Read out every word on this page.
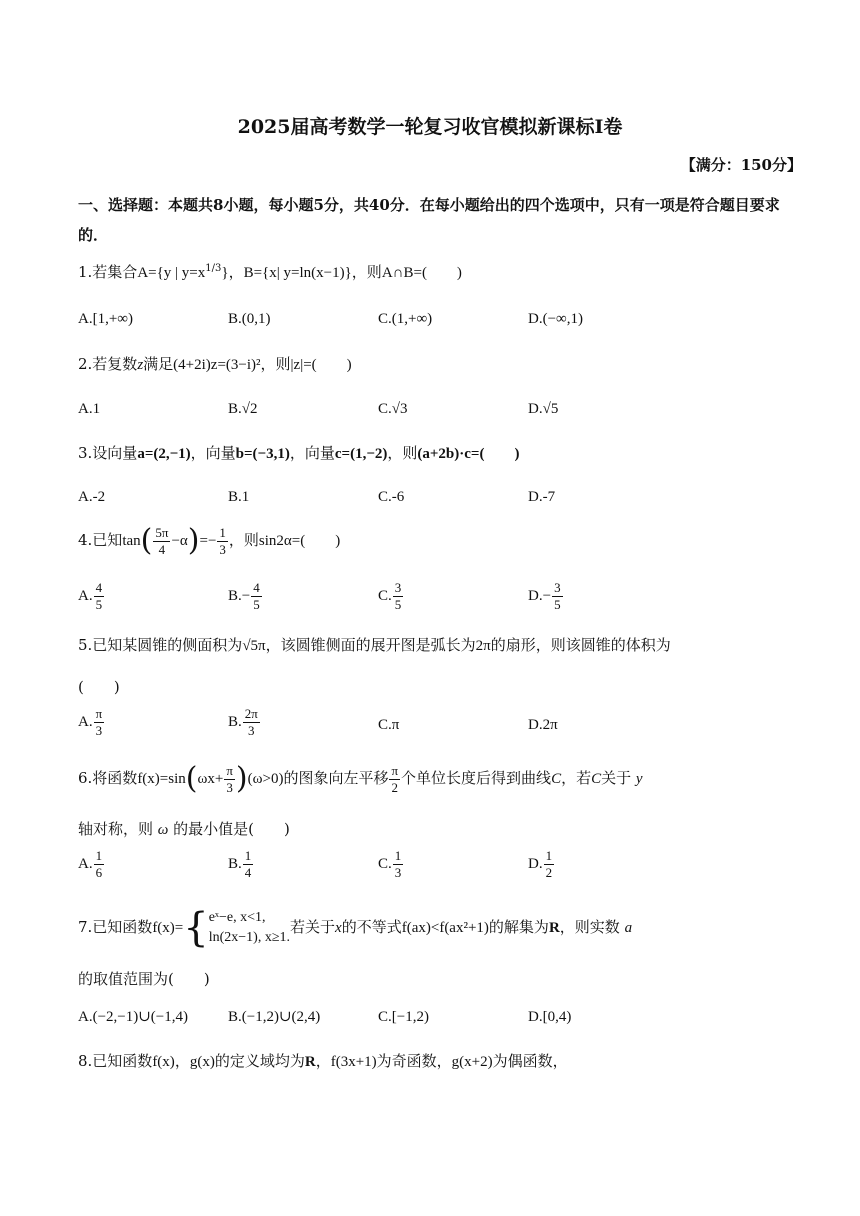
2025届高考数学一轮复习收官模拟新课标I卷
【满分：150分】
一、选择题：本题共8小题，每小题5分，共40分．在每小题给出的四个选项中，只有一项是符合题目要求的．
1.若集合A={y | $y=x^{1/3}$}，B={x| y=ln(x−1)}，则A∩B=(　　)
A.[1,+∞)	B.(0,1)	C.(1,+∞)	D.(−∞,1)
2.若复数z满足(4+2i)z=(3−i)²，则|z|=(　　)
A.1	B.√2	C.√3	D.√5
3.设向量a=(2,−1)，向量b=(−3,1)，向量c=(1,−2)，则(a+2b)·c=(　　)
A.-2	B.1	C.-6	D.-7
4.已知$\tan( \frac{5\pi}{4} -\alpha)=- \frac{1}{3}$ ，则sin2α=(　　)
A. $\frac{4}{5}$	$B.- \frac{4}{5}$	C. $\frac{3}{5}$	$D.- \frac{3}{5}$
5.已知某圆锥的侧面积为√5π，该圆锥侧面的展开图是弧长为2π的扇形，则该圆锥的体积为
(　　)
A. $\frac{\pi}{3}$	B. $\frac{2\pi}{3}$	C.π	D.2π
6.将函数$f(x)=\sin(\omega x+ \frac{\pi}{3} )(\omega>0)$的图象向左平移 $\frac{\pi}{2}$ 个单位长度后得到曲线C，若C关于 y
轴对称，则 ω 的最小值是(　　)
A. $\frac{1}{6}$	B. $\frac{1}{4}$	C. $\frac{1}{3}$	D. $\frac{1}{2}$
7.已知函数f(x)={ eˣ−e, x<1,
ln(2x−1), x≥1.
若关于x的不等式f(ax)<f(ax²+1)的解集为R，则实数 a
的取值范围为(　　)
A.(−2,−1)∪(−1,4)	B.(−1,2)∪(2,4)	C.[−1,2)	D.[0,4)
8.已知函数f(x)，g(x)的定义域均为R，f(3x+1)为奇函数，g(x+2)为偶函数，
